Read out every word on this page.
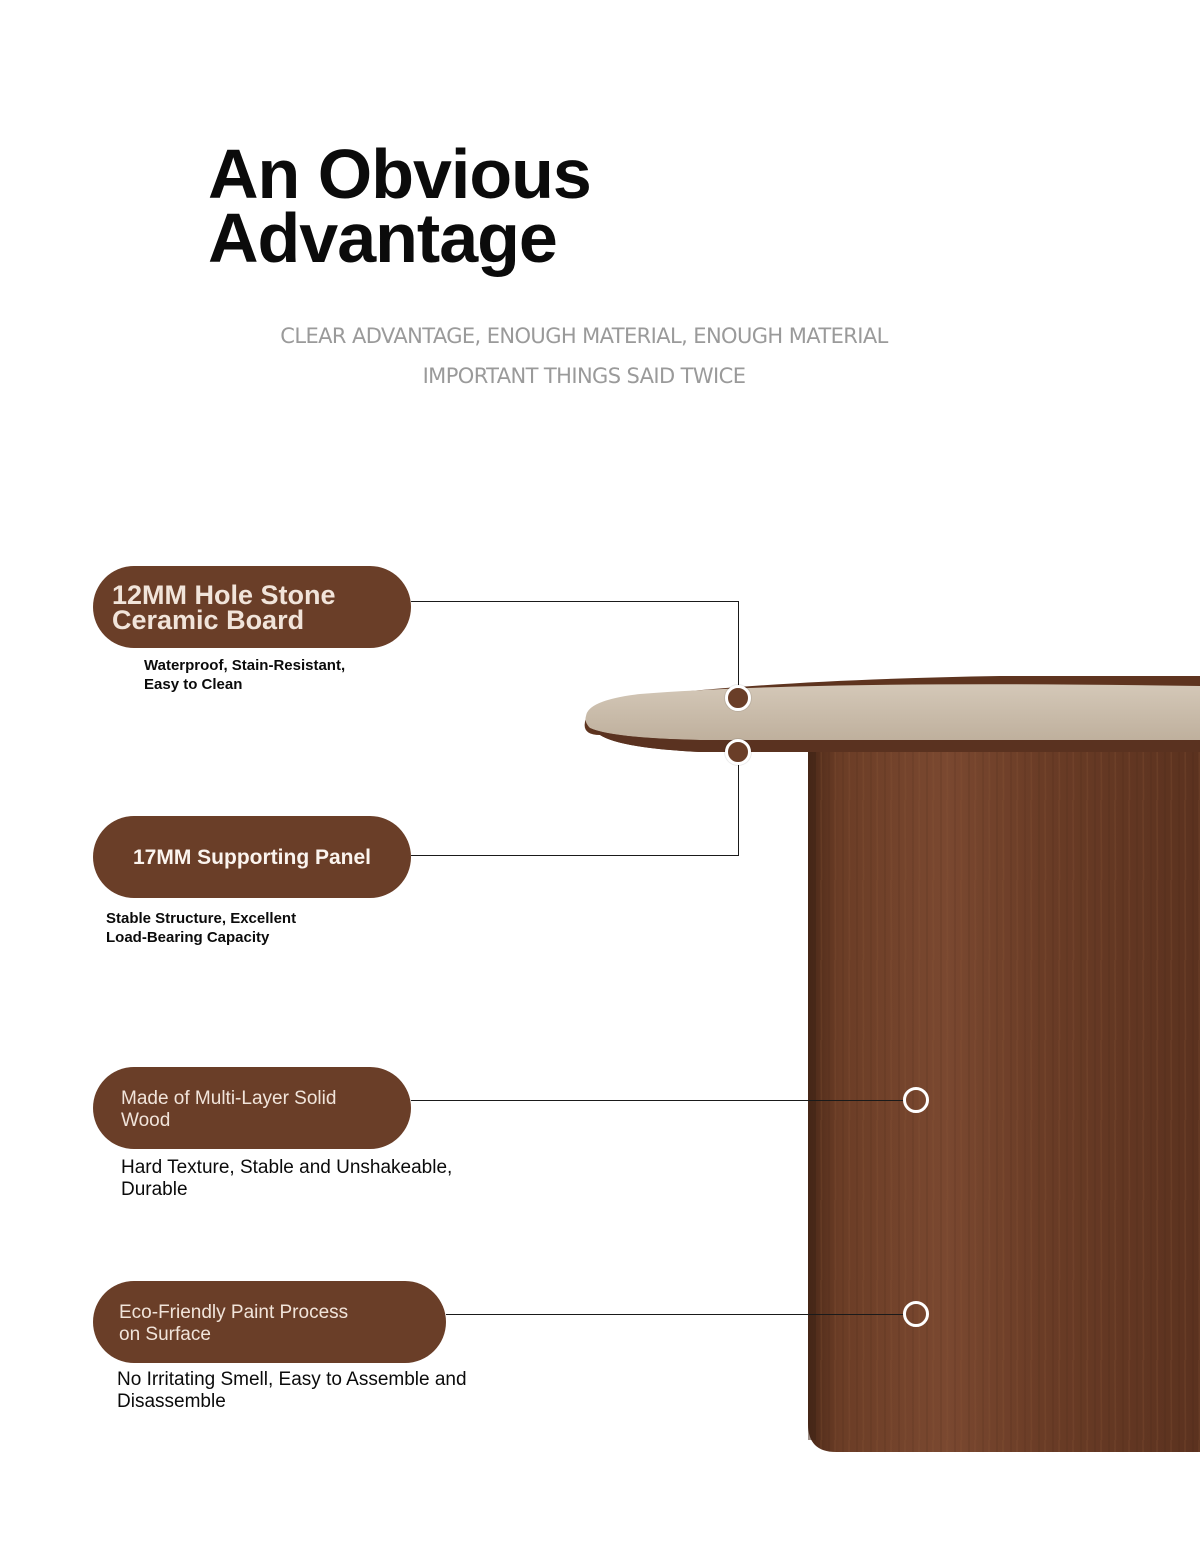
An Obvious
Advantage

CLEAR ADVANTAGE, ENOUGH MATERIAL, ENOUGH MATERIAL

IMPORTANT THINGS SAID TWICE

12MM Hole Stone
Ceramic Board

Waterproof, Stain-Resistant,
Easy to Clean

17MM Supporting Panel

Stable Structure, Excellent
Load-Bearing Capacity

Made of Multi-Layer Solid
Wood

Hard Texture, Stable and Unshakeable,
Durable

Eco-Friendly Paint Process
on Surface

No Irritating Smell, Easy to Assemble and
Disassemble
